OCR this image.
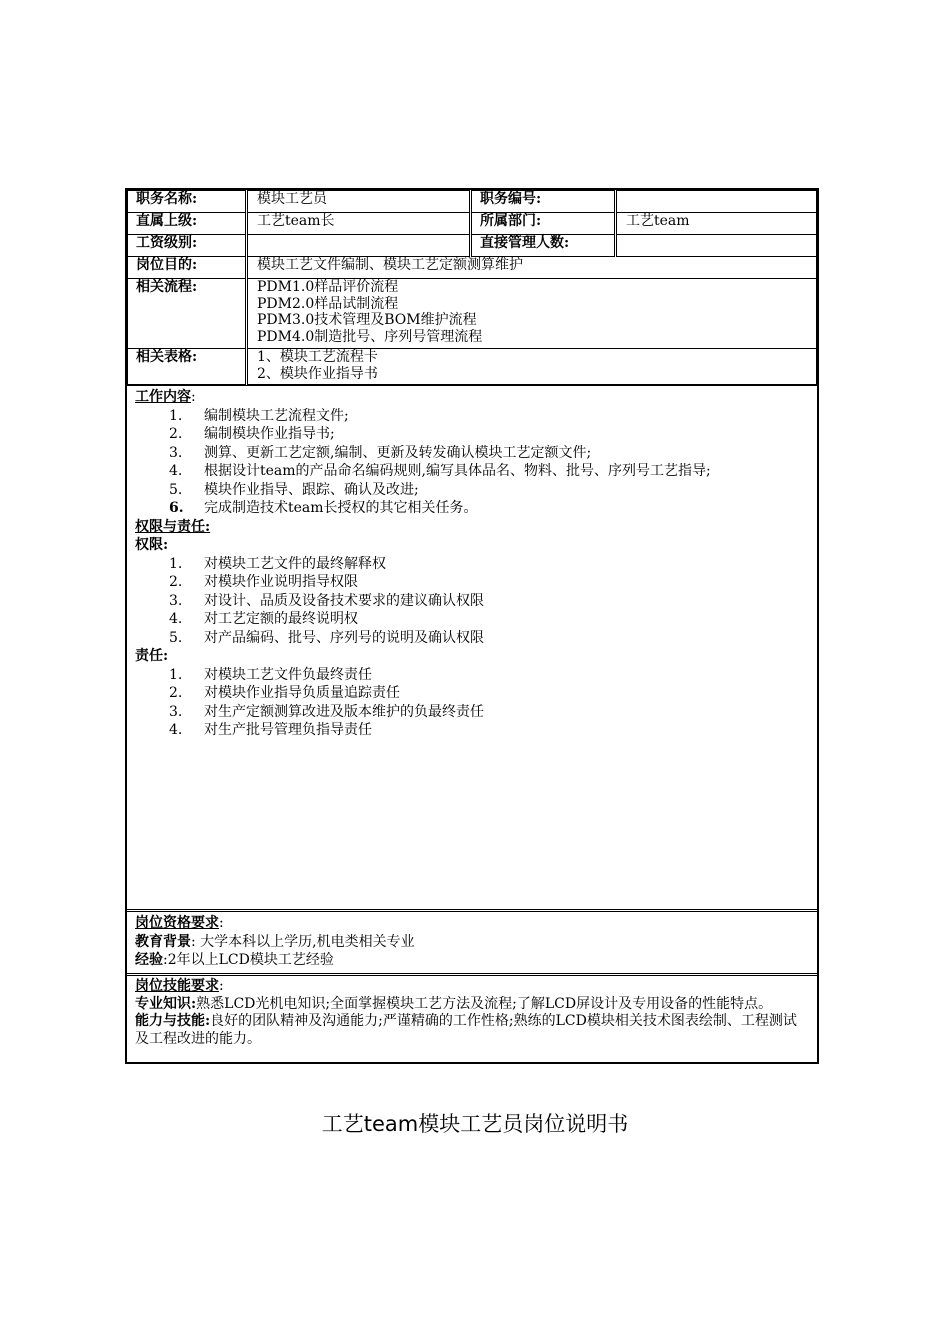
职务名称:	模块工艺员	职务编号:	
直属上级:	工艺team长	所属部门:	工艺team
工资级别:		直接管理人数:	
岗位目的:	模块工艺文件编制、模块工艺定额测算维护		
相关流程:	PDM1.0样品评价流程
PDM2.0样品试制流程
PDM3.0技术管理及BOM维护流程
PDM4.0制造批号、序列号管理流程		

相关表格:	1、模块工艺流程卡
2、模块作业指导书		
工作内容:
1.	编制模块工艺流程文件;
2.	编制模块作业指导书;
3.	测算、更新工艺定额,编制、更新及转发确认模块工艺定额文件;
4.	根据设计team的产品命名编码规则,编写具体品名、物料、批号、序列号工艺指导;
5.	模块作业指导、跟踪、确认及改进;
6.	完成制造技术team长授权的其它相关任务。
权限与责任:
权限:
1.	对模块工艺文件的最终解释权
2.	对模块作业说明指导权限
3.	对设计、品质及设备技术要求的建议确认权限
4.	对工艺定额的最终说明权
5.	对产品编码、批号、序列号的说明及确认权限
责任:
1.	对模块工艺文件负最终责任
2.	对模块作业指导负质量追踪责任
3.	对生产定额测算改进及版本维护的负最终责任
4.	对生产批号管理负指导责任
岗位资格要求:
教育背景: 大学本科以上学历,机电类相关专业
经验:2年以上LCD模块工艺经验
岗位技能要求:
专业知识:熟悉LCD光机电知识;全面掌握模块工艺方法及流程;了解LCD屏设计及专用设备的性能特点。
能力与技能:良好的团队精神及沟通能力;严谨精确的工作性格;熟练的LCD模块相关技术图表绘制、工程测试及工程改进的能力。
工艺team模块工艺员岗位说明书
